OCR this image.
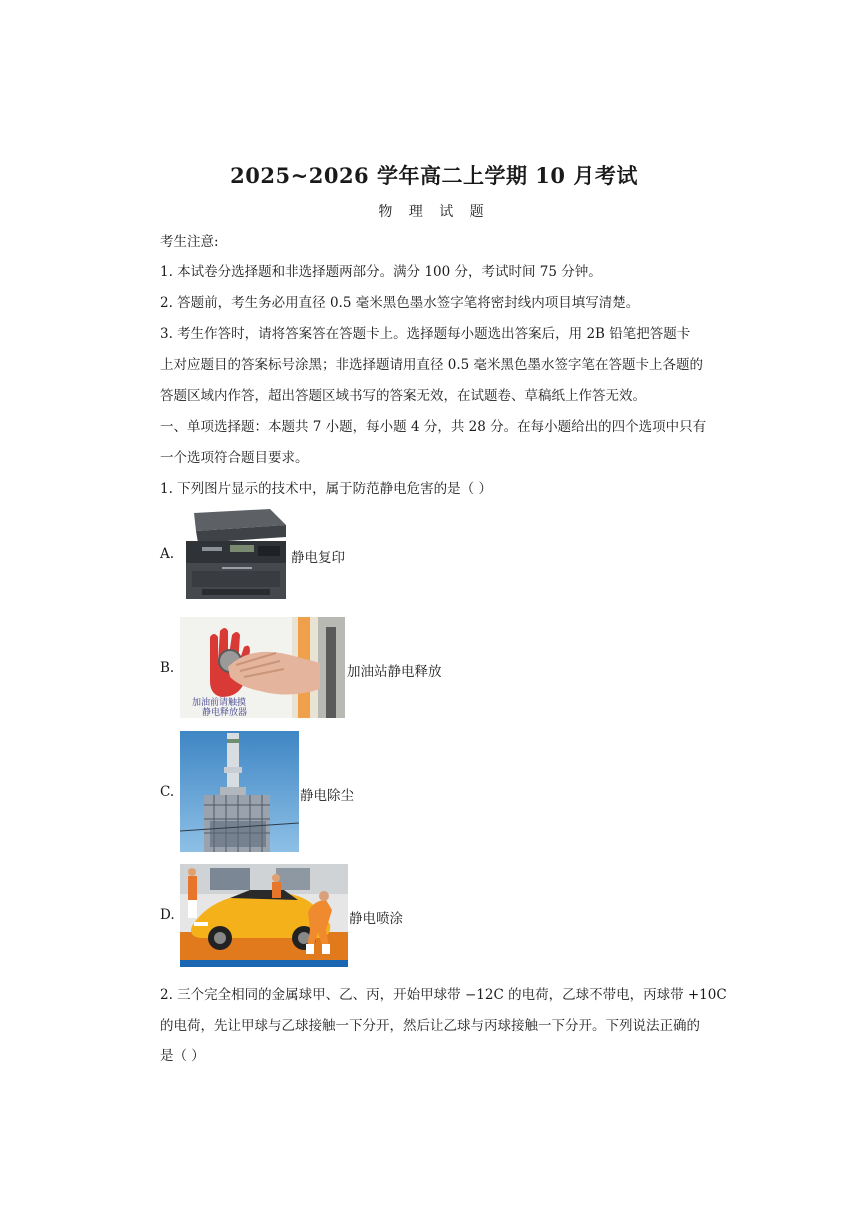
2025~2026 学年高二上学期 10 月考试
物 理 试 题
考生注意:
1. 本试卷分选择题和非选择题两部分。满分 100 分，考试时间 75 分钟。
2. 答题前，考生务必用直径 0.5 毫米黑色墨水签字笔将密封线内项目填写清楚。
3. 考生作答时，请将答案答在答题卡上。选择题每小题选出答案后，用 2B 铅笔把答题卡
上对应题目的答案标号涂黑；非选择题请用直径 0.5 毫米黑色墨水签字笔在答题卡上各题的
答题区域内作答，超出答题区域书写的答案无效，在试题卷、草稿纸上作答无效。
一、单项选择题：本题共 7 小题，每小题 4 分，共 28 分。在每小题给出的四个选项中只有
一个选项符合题目要求。
1. 下列图片显示的技术中，属于防范静电危害的是（ ）
A.	静电复印
B.
加油前请触摸
静电释放器
加油站静电释放
C.	静电除尘
D.	静电喷涂
2. 三个完全相同的金属球甲、乙、丙，开始甲球带 −12C 的电荷，乙球不带电，丙球带 +10C
的电荷，先让甲球与乙球接触一下分开，然后让乙球与丙球接触一下分开。下列说法正确的
是（ ）
